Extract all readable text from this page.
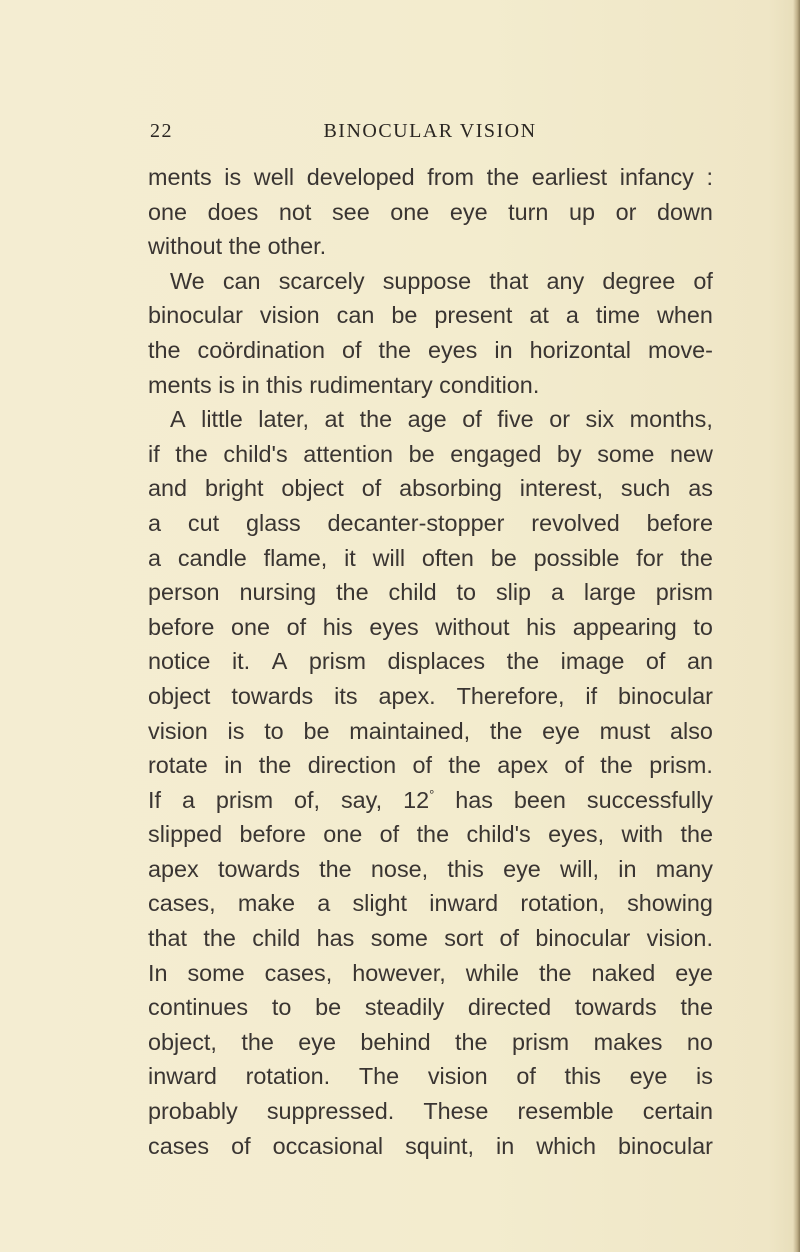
22	BINOCULAR VISION
ments is well developed from the earliest infancy :
one does not see one eye turn up or down
without the other.
We can scarcely suppose that any degree of
binocular vision can be present at a time when
the coördination of the eyes in horizontal move-
ments is in this rudimentary condition.
A little later, at the age of five or six months,
if the child's attention be engaged by some new
and bright object of absorbing interest, such as
a cut glass decanter-stopper revolved before
a candle flame, it will often be possible for the
person nursing the child to slip a large prism
before one of his eyes without his appearing to
notice it. A prism displaces the image of an
object towards its apex. Therefore, if binocular
vision is to be maintained, the eye must also
rotate in the direction of the apex of the prism.
If a prism of, say, 12° has been successfully
slipped before one of the child's eyes, with the
apex towards the nose, this eye will, in many
cases, make a slight inward rotation, showing
that the child has some sort of binocular vision.
In some cases, however, while the naked eye
continues to be steadily directed towards the
object, the eye behind the prism makes no
inward rotation. The vision of this eye is
probably suppressed. These resemble certain
cases of occasional squint, in which binocular
